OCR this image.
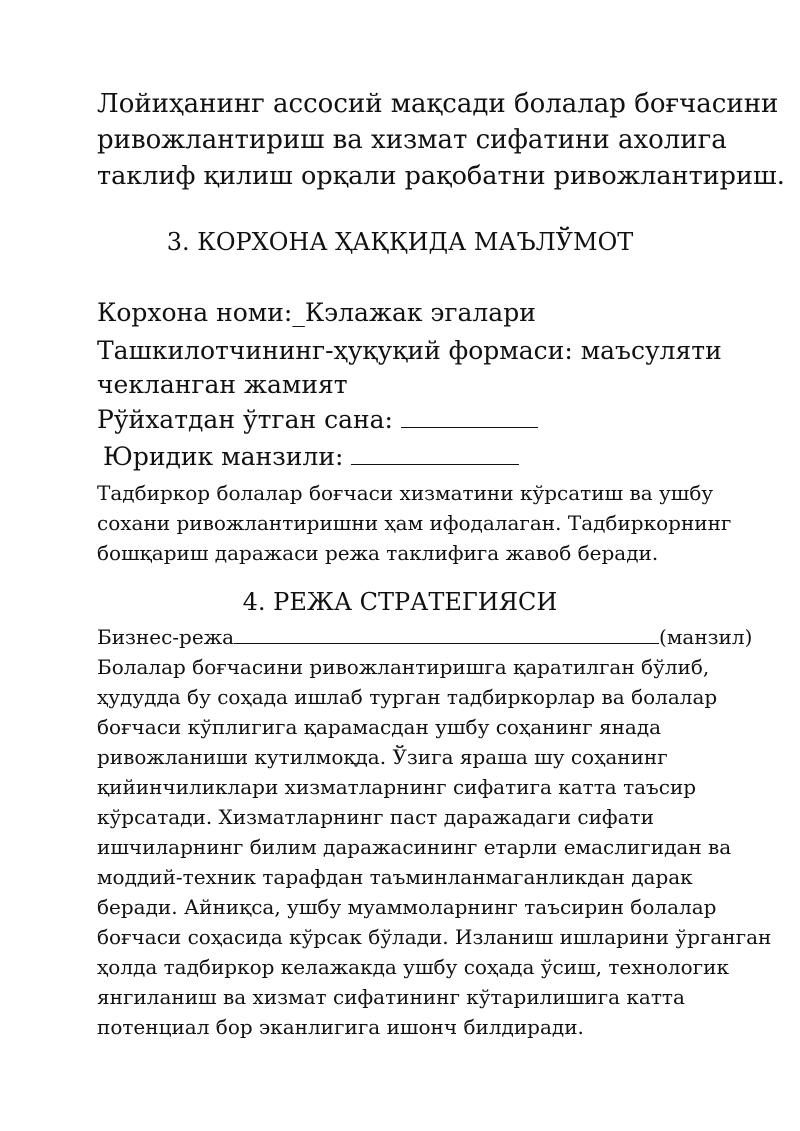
Лойиҳанинг ассосий мақсади болалар боғчасини
ривожлантириш ва хизмат сифатини ахолига
таклиф қилиш орқали рақобатни ривожлантириш.
3. КОРХОНА ҲАҚҚИДА МАЪЛЎМОТ
Корхона номи:_Кэлажак эгалари
Ташкилотчининг-ҳуқуқий формаси: маъсуляти
чекланган жамият
Рўйхатдан ўтган сана:
Юридик манзили:
Тадбиркор болалар боғчаси хизматини кўрсатиш ва ушбу
сохани ривожлантиришни ҳам ифодалаган. Тадбиркорнинг
бошқариш даражаси режа таклифига жавоб беради.
4. РЕЖА СТРАТЕГИЯСИ
Бизнес-режа	(манзил)
Болалар боғчасини ривожлантиришга қаратилган бўлиб,
ҳудудда бу соҳада ишлаб турган тадбиркорлар ва болалар
боғчаси кўплигига қарамасдан ушбу соҳанинг янада
ривожланиши кутилмоқда. Ўзига яраша шу соҳанинг
қийинчиликлари хизматларнинг сифатига катта таъсир
кўрсатади. Хизматларнинг паст даражадаги сифати
ишчиларнинг билим даражасининг етарли емаслигидан ва
моддий-техник тарафдан таъминланмаганликдан дарак
беради. Айниқса, ушбу муаммоларнинг таъсирин болалар
боғчаси соҳасида кўрсак бўлади. Изланиш ишларини ўрганган
ҳолда тадбиркор келажакда ушбу соҳада ўсиш, технологик
янгиланиш ва хизмат сифатининг кўтарилишига катта
потенциал бор эканлигига ишонч билдиради.
